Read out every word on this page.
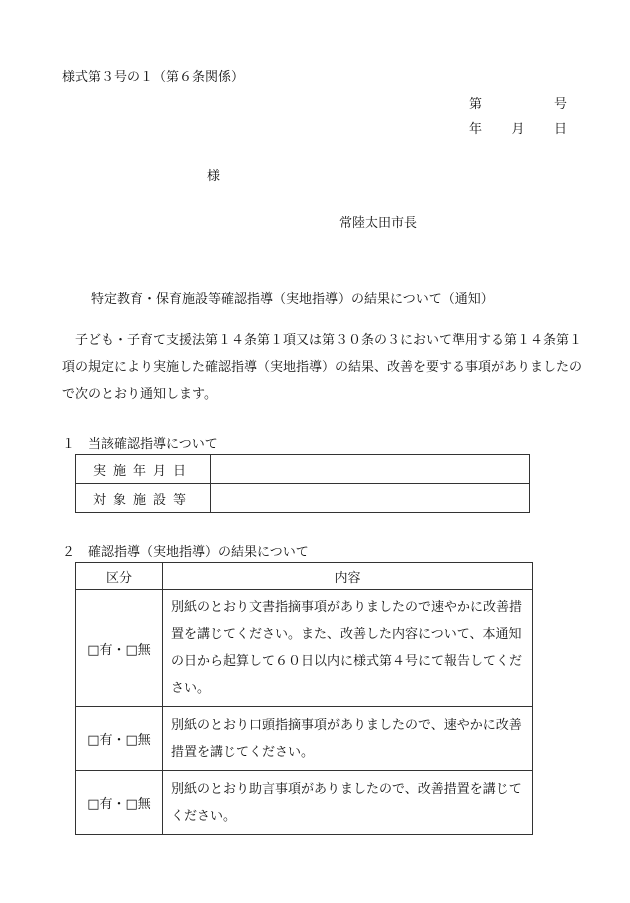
様式第３号の１（第６条関係）
第	号
年 月 日
様
常陸太田市長
特定教育・保育施設等確認指導（実地指導）の結果について（通知）
子ども・子育て支援法第１４条第１項又は第３０条の３において準用する第１４条第１項の規定により実施した確認指導（実地指導）の結果、改善を要する事項がありましたので次のとおり通知します。
１　当該確認指導について
実施年月日	
対象施設等	
２　確認指導（実地指導）の結果について
区分	内容
□有・□無	別紙のとおり文書指摘事項がありましたので速やかに改善措置を講じてください。また、改善した内容について、本通知の日から起算して６０日以内に様式第４号にて報告してください。
□有・□無	別紙のとおり口頭指摘事項がありましたので、速やかに改善措置を講じてください。
□有・□無	別紙のとおり助言事項がありましたので、改善措置を講じてください。
